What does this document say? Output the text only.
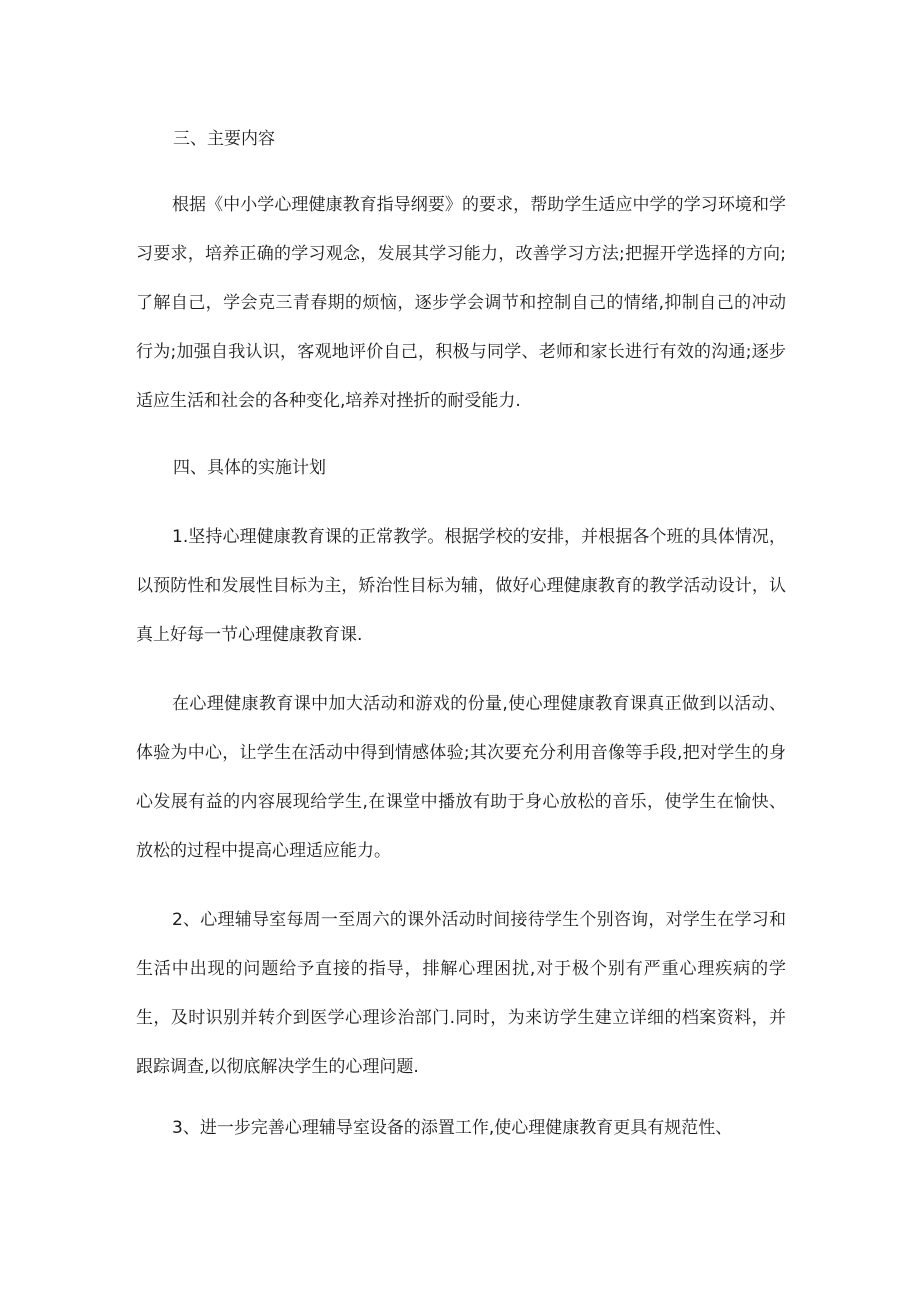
三、主要内容

根据《中小学心理健康教育指导纲要》的要求，帮助学生适应中学的学习环境和学习要求，培养正确的学习观念，发展其学习能力，改善学习方法;把握开学选择的方向;了解自己，学会克三青春期的烦恼，逐步学会调节和控制自己的情绪,抑制自己的冲动行为;加强自我认识，客观地评价自己，积极与同学、老师和家长进行有效的沟通;逐步适应生活和社会的各种变化,培养对挫折的耐受能力.

四、具体的实施计划

1.坚持心理健康教育课的正常教学。根据学校的安排，并根据各个班的具体情况，以预防性和发展性目标为主，矫治性目标为辅，做好心理健康教育的教学活动设计，认真上好每一节心理健康教育课.

在心理健康教育课中加大活动和游戏的份量,使心理健康教育课真正做到以活动、体验为中心，让学生在活动中得到情感体验;其次要充分利用音像等手段,把对学生的身心发展有益的内容展现给学生,在课堂中播放有助于身心放松的音乐，使学生在愉快、放松的过程中提高心理适应能力。

2、心理辅导室每周一至周六的课外活动时间接待学生个别咨询，对学生在学习和生活中出现的问题给予直接的指导，排解心理困扰,对于极个别有严重心理疾病的学生，及时识别并转介到医学心理诊治部门.同时，为来访学生建立详细的档案资料，并跟踪调查,以彻底解决学生的心理问题.

3、进一步完善心理辅导室设备的添置工作,使心理健康教育更具有规范性、
